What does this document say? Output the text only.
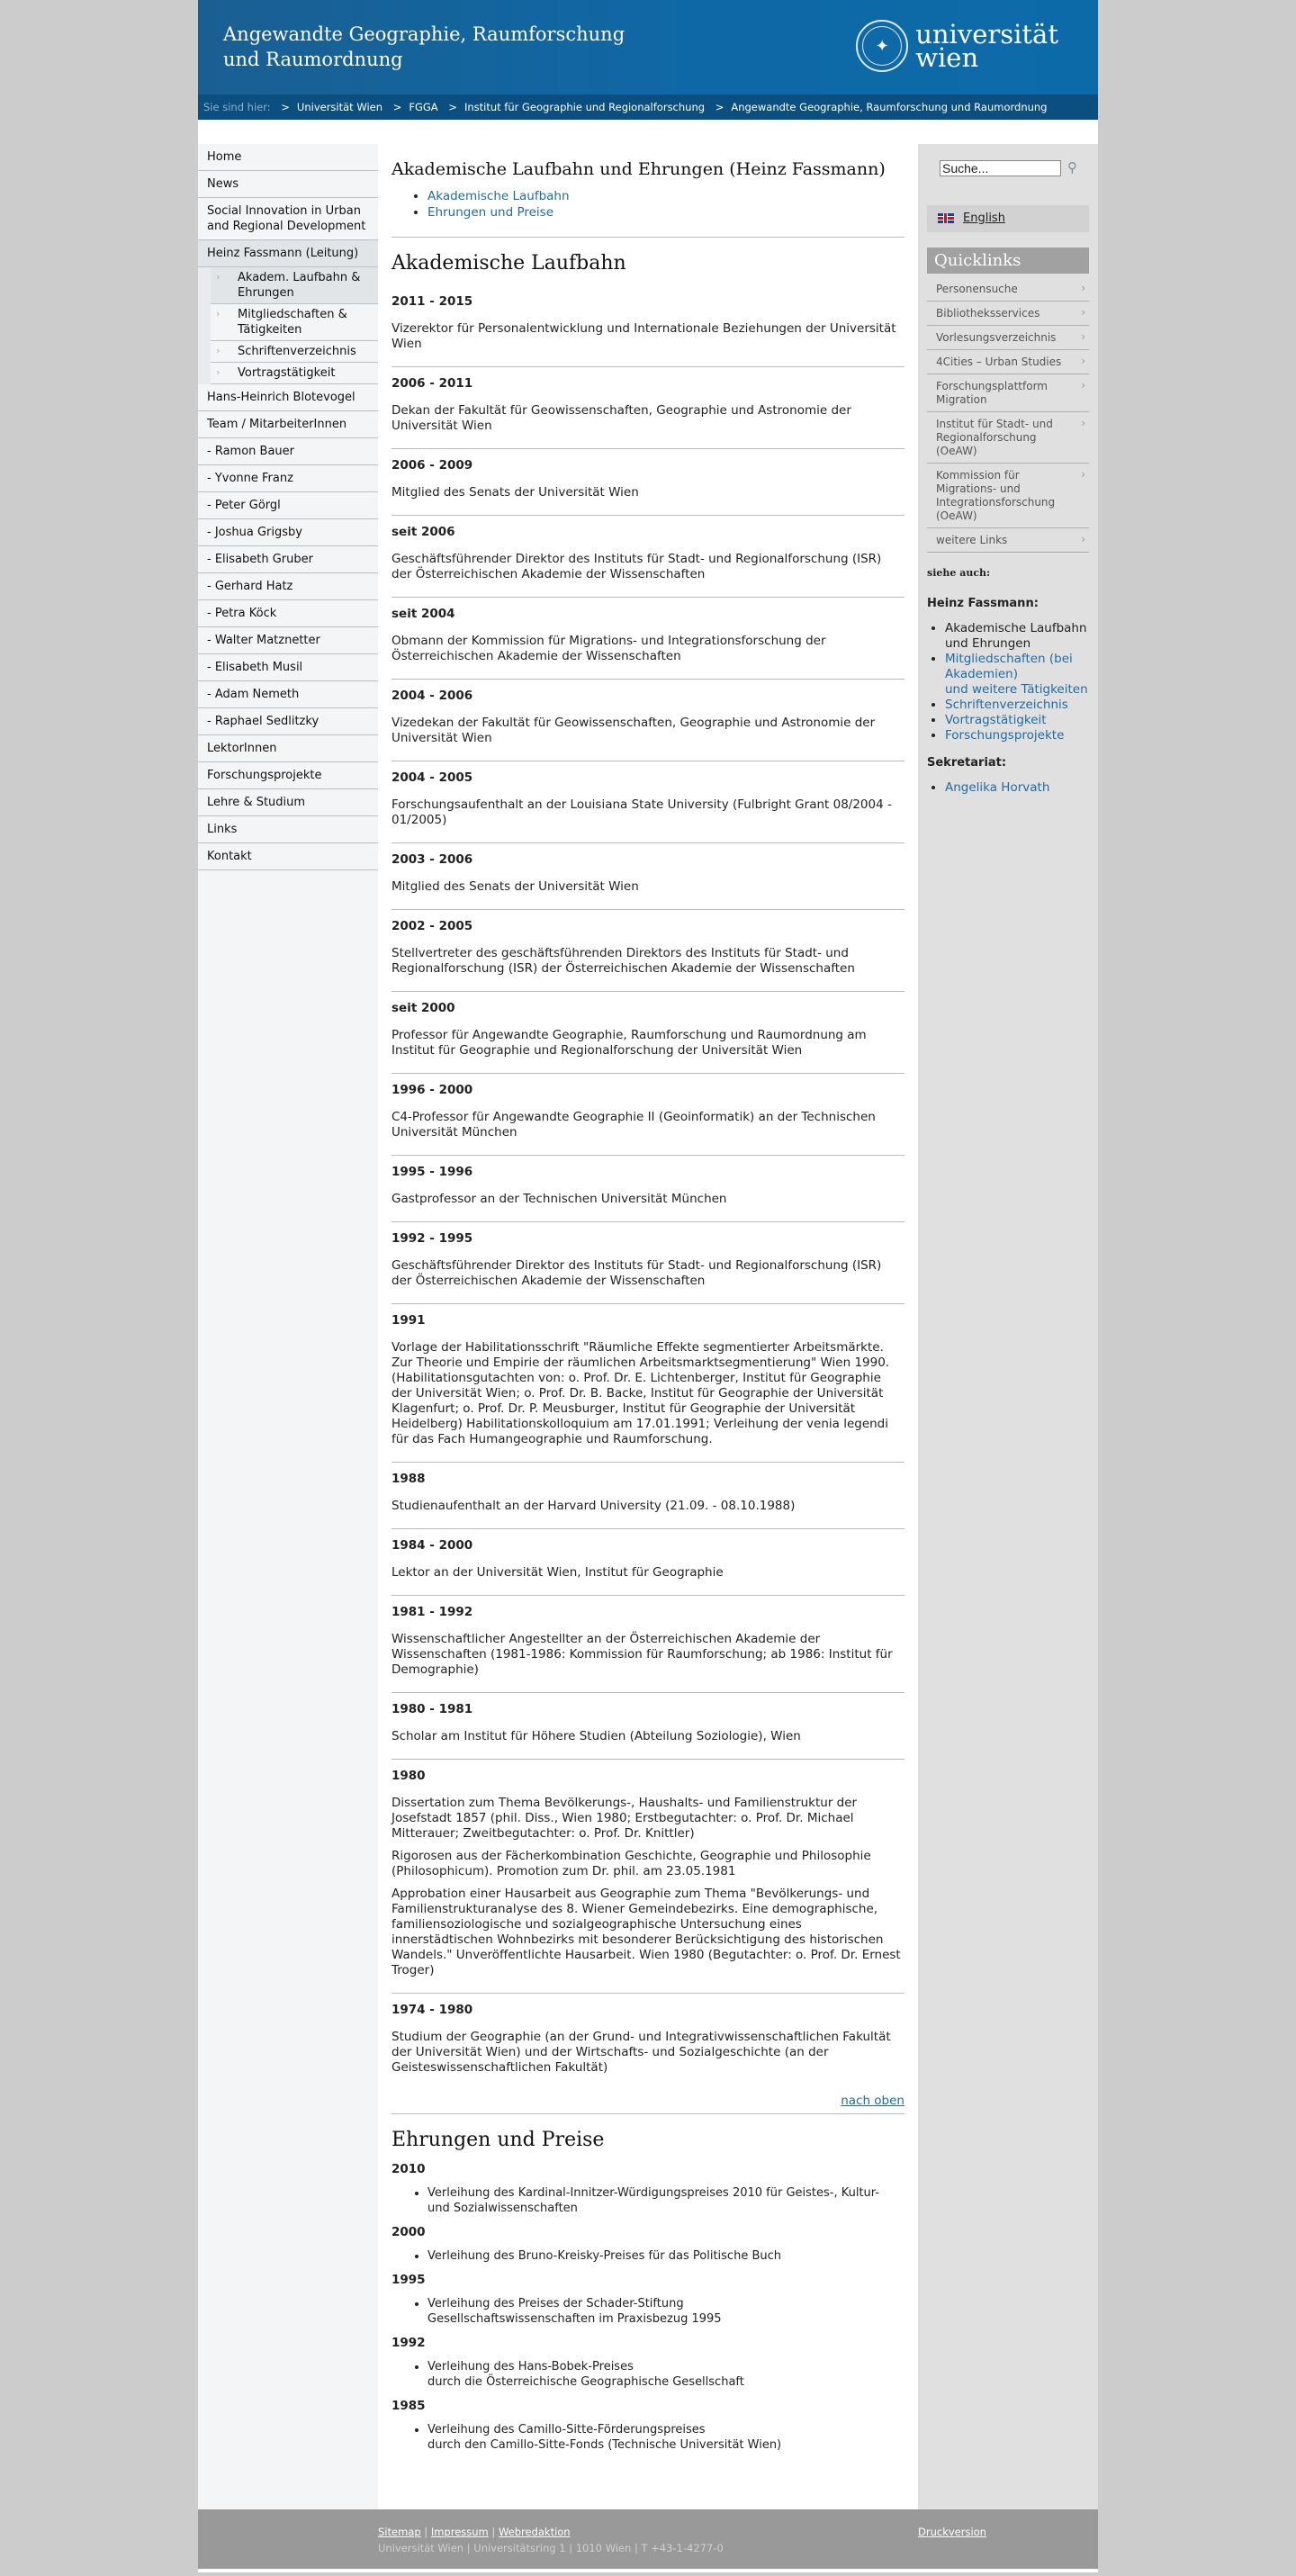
Angewandte Geographie, Raumforschung und Raumordnung
✦	universität
wien
Sie sind hier: > Universität Wien > FGGA > Institut für Geographie und Regionalforschung > Angewandte Geographie, Raumforschung und Raumordnung
Home
News
Social Innovation in Urban and Regional Development
Heinz Fassmann (Leitung)
› Akadem. Laufbahn & Ehrungen
› Mitgliedschaften & Tätigkeiten
› Schriftenverzeichnis
› Vortragstätigkeit
Hans-Heinrich Blotevogel
Team / MitarbeiterInnen
- Ramon Bauer
- Yvonne Franz
- Peter Görgl
- Joshua Grigsby
- Elisabeth Gruber
- Gerhard Hatz
- Petra Köck
- Walter Matznetter
- Elisabeth Musil
- Adam Nemeth
- Raphael Sedlitzky
LektorInnen
Forschungsprojekte
Lehre & Studium
Links
Kontakt
Akademische Laufbahn und Ehrungen (Heinz Fassmann)
• Akademische Laufbahn
• Ehrungen und Preise
Akademische Laufbahn
2011 - 2015

Vizerektor für Personalentwicklung und Internationale Beziehungen der Universität Wien

2006 - 2011

Dekan der Fakultät für Geowissenschaften, Geographie und Astronomie der Universität Wien

2006 - 2009

Mitglied des Senats der Universität Wien

seit 2006

Geschäftsführender Direktor des Instituts für Stadt- und Regionalforschung (ISR) der Österreichischen Akademie der Wissenschaften

seit 2004

Obmann der Kommission für Migrations- und Integrationsforschung der Österreichischen Akademie der Wissenschaften

2004 - 2006

Vizedekan der Fakultät für Geowissenschaften, Geographie und Astronomie der Universität Wien

2004 - 2005

Forschungsaufenthalt an der Louisiana State University (Fulbright Grant 08/2004 - 01/2005)

2003 - 2006

Mitglied des Senats der Universität Wien

2002 - 2005

Stellvertreter des geschäftsführenden Direktors des Instituts für Stadt- und Regionalforschung (ISR) der Österreichischen Akademie der Wissenschaften

seit 2000

Professor für Angewandte Geographie, Raumforschung und Raumordnung am Institut für Geographie und Regionalforschung der Universität Wien

1996 - 2000

C4-Professor für Angewandte Geographie II (Geoinformatik) an der Technischen Universität München

1995 - 1996

Gastprofessor an der Technischen Universität München

1992 - 1995

Geschäftsführender Direktor des Instituts für Stadt- und Regionalforschung (ISR) der Österreichischen Akademie der Wissenschaften

1991

Vorlage der Habilitationsschrift "Räumliche Effekte segmentierter Arbeitsmärkte. Zur Theorie und Empirie der räumlichen Arbeitsmarktsegmentierung" Wien 1990. (Habilitationsgutachten von: o. Prof. Dr. E. Lichtenberger, Institut für Geographie der Universität Wien; o. Prof. Dr. B. Backe, Institut für Geographie der Universität Klagenfurt; o. Prof. Dr. P. Meusburger, Institut für Geographie der Universität Heidelberg) Habilitationskolloquium am 17.01.1991; Verleihung der venia legendi für das Fach Humangeographie und Raumforschung.

1988

Studienaufenthalt an der Harvard University (21.09. - 08.10.1988)

1984 - 2000

Lektor an der Universität Wien, Institut für Geographie

1981 - 1992

Wissenschaftlicher Angestellter an der Österreichischen Akademie der Wissenschaften (1981-1986: Kommission für Raumforschung; ab 1986: Institut für Demographie)

1980 - 1981

Scholar am Institut für Höhere Studien (Abteilung Soziologie), Wien

1980

Dissertation zum Thema Bevölkerungs-, Haushalts- und Familienstruktur der Josefstadt 1857 (phil. Diss., Wien 1980; Erstbegutachter: o. Prof. Dr. Michael Mitterauer; Zweitbegutachter: o. Prof. Dr. Knittler)

Rigorosen aus der Fächerkombination Geschichte, Geographie und Philosophie (Philosophicum). Promotion zum Dr. phil. am 23.05.1981

Approbation einer Hausarbeit aus Geographie zum Thema "Bevölkerungs- und Familienstrukturanalyse des 8. Wiener Gemeindebezirks. Eine demographische, familiensoziologische und sozialgeographische Untersuchung eines innerstädtischen Wohnbezirks mit besonderer Berücksichtigung des historischen Wandels." Unveröffentlichte Hausarbeit. Wien 1980 (Begutachter: o. Prof. Dr. Ernest Troger)

1974 - 1980

Studium der Geographie (an der Grund- und Integrativwissenschaftlichen Fakultät der Universität Wien) und der Wirtschafts- und Sozialgeschichte (an der Geisteswissenschaftlichen Fakultät)

nach oben
Ehrungen und Preise
2010
• Verleihung des Kardinal-Innitzer-Würdigungspreises 2010 für Geistes-, Kultur- und Sozialwissenschaften
2000
• Verleihung des Bruno-Kreisky-Preises für das Politische Buch
1995
• Verleihung des Preises der Schader-Stiftung
Gesellschaftswissenschaften im Praxisbezug 1995
1992
• Verleihung des Hans-Bobek-Preises
durch die Österreichische Geographische Gesellschaft
1985
• Verleihung des Camillo-Sitte-Förderungspreises
durch den Camillo-Sitte-Fonds (Technische Universität Wien)
Suche...
⚲
English
Quicklinks
Personensuche ›
Bibliotheksservices ›
Vorlesungsverzeichnis ›
4Cities – Urban Studies ›
Forschungsplattform Migration ›
Institut für Stadt- und Regionalforschung (OeAW) ›
Kommission für Migrations- und Integrationsforschung (OeAW) ›
weitere Links ›
siehe auch:
Heinz Fassmann:
• Akademische Laufbahn und Ehrungen
• Mitgliedschaften (bei Akademien)
und weitere Tätigkeiten
• Schriftenverzeichnis
• Vortragstätigkeit
• Forschungsprojekte
Sekretariat:
• Angelika Horvath
Sitemap | Impressum | Webredaktion
Universität Wien | Universitätsring 1 | 1010 Wien | T +43-1-4277-0
Druckversion
